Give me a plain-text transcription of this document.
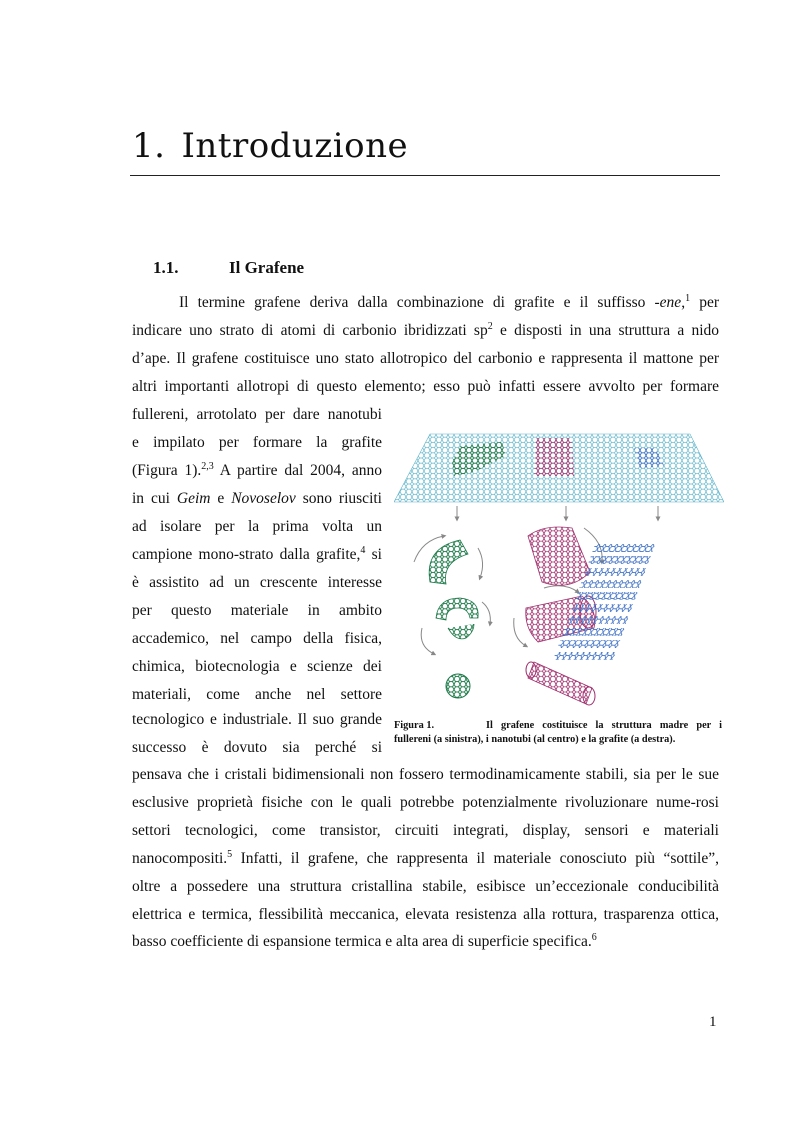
1. Introduzione
1.1.	Il Grafene
Il termine grafene deriva dalla combinazione di grafite e il suffisso -ene,$^1$ per
indicare uno strato di atomi di carbonio ibridizzati $sp^2$ e disposti in una struttura a nido
d’ape. Il grafene costituisce uno stato allotropico del carbonio e rappresenta il mattone per
altri importanti allotropi di questo elemento; esso può infatti essere avvolto per formare
fullereni, arrotolato per dare nanotubi
e impilato per formare la grafite
(Figura 1).$^{2,3}$ A partire dal 2004, anno
in cui Geim e Novoselov sono riusciti
ad isolare per la prima volta un
campione mono-strato dalla grafite,$^4$ si
è assistito ad un crescente interesse
per questo materiale in ambito
accademico, nel campo della fisica,
chimica, biotecnologia e scienze dei
materiali, come anche nel settore
tecnologico e industriale. Il suo grande
successo è dovuto sia perché si
pensava che i cristali bidimensionali non fossero termodinamicamente stabili, sia per le sue
esclusive proprietà fisiche con le quali potrebbe potenzialmente rivoluzionare nume-rosi
settori tecnologici, come transistor, circuiti integrati, display, sensori e materiali
nanocompositi.$^5$ Infatti, il grafene, che rappresenta il materiale conosciuto più “sottile”,
oltre a possedere una struttura cristallina stabile, esibisce un’eccezionale conducibilità
elettrica e termica, flessibilità meccanica, elevata resistenza alla rottura, trasparenza ottica,
basso coefficiente di espansione termica e alta area di superficie specifica.$^6$
Figura 1.	Il grafene costituisce la struttura madre per i fullereni (a sinistra), i nanotubi (al centro) e la grafite (a destra).
1
